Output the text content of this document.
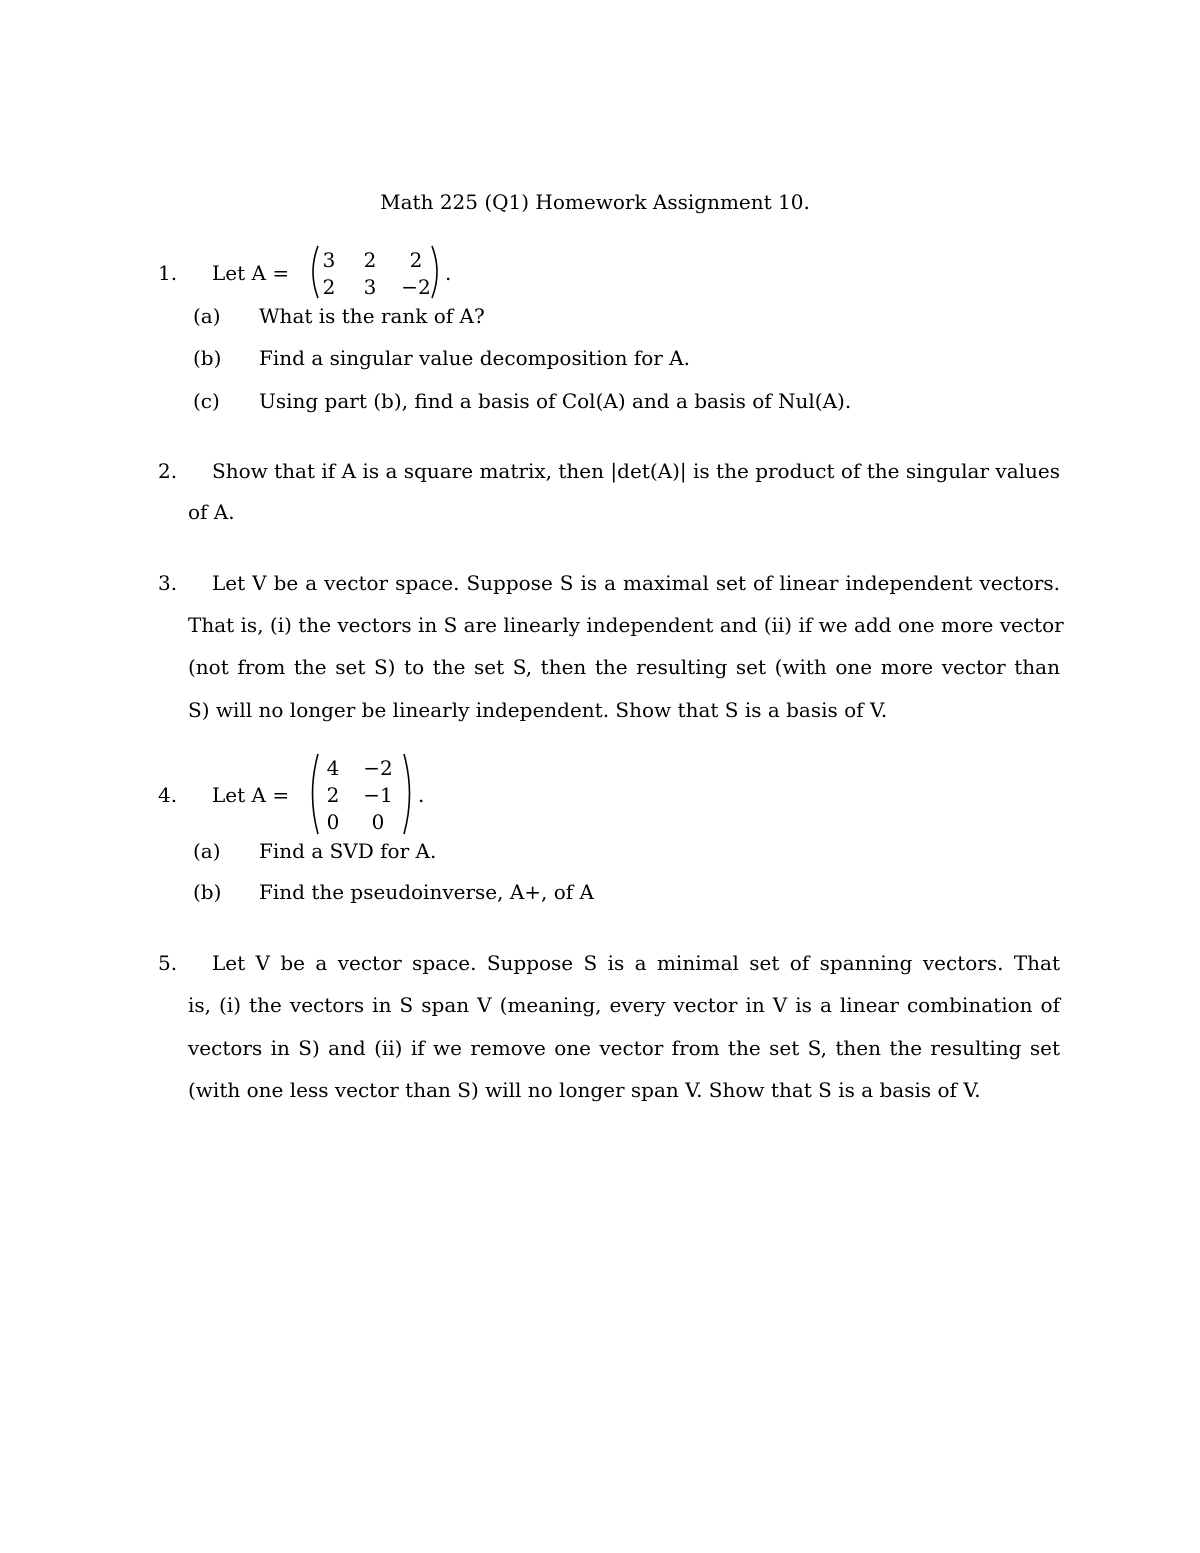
Math 225 (Q1) Homework Assignment 10.
1. Let A =
3	2	2
2	3	−2
.
(a) What is the rank of A?
(b) Find a singular value decomposition for A.
(c) Using part (b), find a basis of Col(A) and a basis of Nul(A).
2. Show that if A is a square matrix, then |det(A)| is the product of the singular values
of A.
3. Let V be a vector space. Suppose S is a maximal set of linear independent vectors.
That is, (i) the vectors in S are linearly independent and (ii) if we add one more vector
(not from the set S) to the set S, then the resulting set (with one more vector than
S) will no longer be linearly independent. Show that S is a basis of V.
4. Let A =
4	−2
2	−1
0	0
.
(a) Find a SVD for A.
(b) Find the pseudoinverse, A+, of A
5. Let V be a vector space. Suppose S is a minimal set of spanning vectors. That
is, (i) the vectors in S span V (meaning, every vector in V is a linear combination of
vectors in S) and (ii) if we remove one vector from the set S, then the resulting set
(with one less vector than S) will no longer span V. Show that S is a basis of V.
